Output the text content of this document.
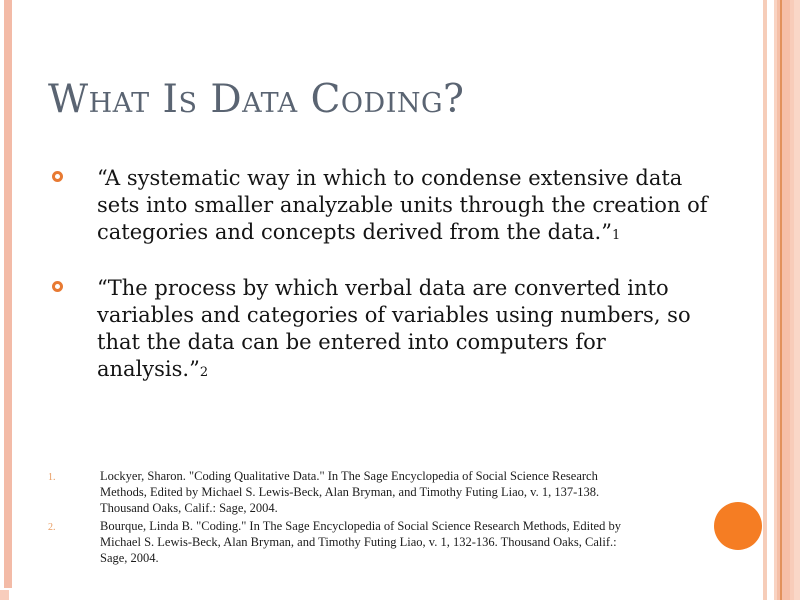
What Is Data Coding?
“A systematic way in which to condense extensive data
sets into smaller analyzable units through the creation of
categories and concepts derived from the data.”1
“The process by which verbal data are converted into
variables and categories of variables using numbers, so
that the data can be entered into computers for
analysis.”2
1.	Lockyer, Sharon. "Coding Qualitative Data." In The Sage Encyclopedia of Social Science Research
Methods, Edited by Michael S. Lewis-Beck, Alan Bryman, and Timothy Futing Liao, v. 1, 137-138.
Thousand Oaks, Calif.: Sage, 2004.
2.	Bourque, Linda B. "Coding." In The Sage Encyclopedia of Social Science Research Methods, Edited by
Michael S. Lewis-Beck, Alan Bryman, and Timothy Futing Liao, v. 1, 132-136. Thousand Oaks, Calif.:
Sage, 2004.
